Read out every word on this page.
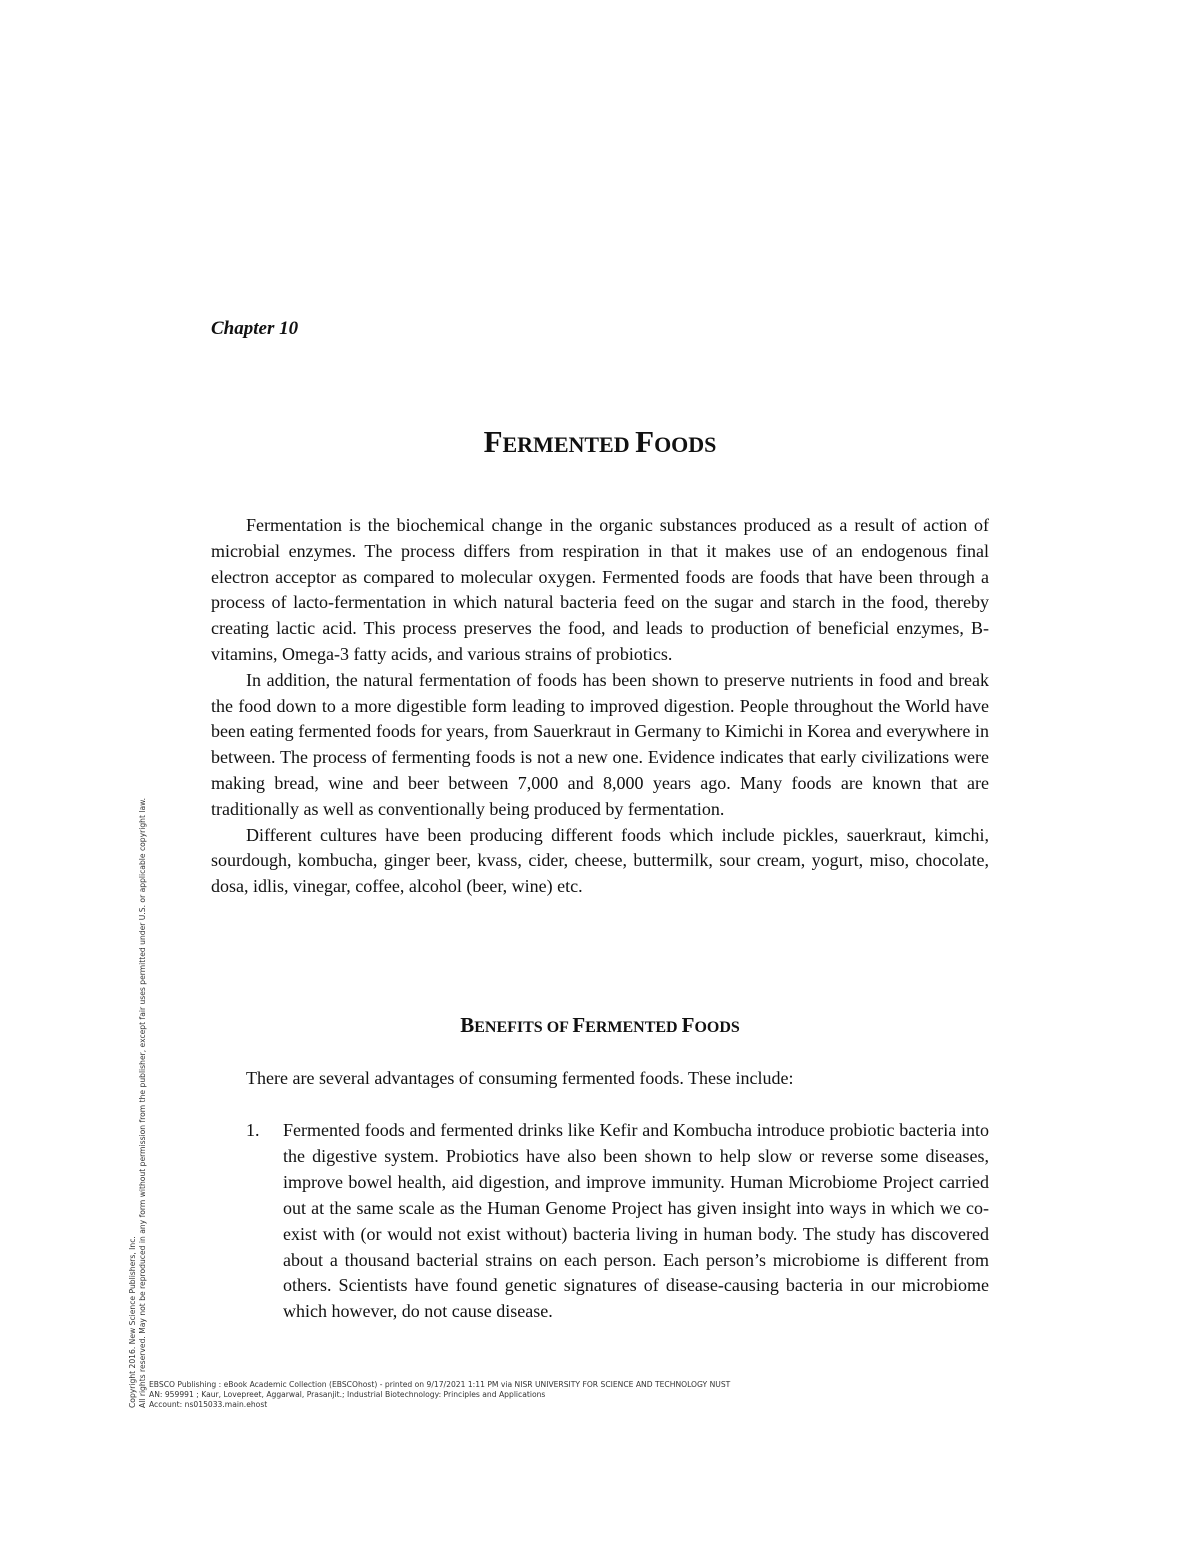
Chapter 10
FERMENTED FOODS

Fermentation is the biochemical change in the organic substances produced as a result of action of microbial enzymes. The process differs from respiration in that it makes use of an endogenous final electron acceptor as compared to molecular oxygen. Fermented foods are foods that have been through a process of lacto-fermentation in which natural bacteria feed on the sugar and starch in the food, thereby creating lactic acid. This process preserves the food, and leads to production of beneficial enzymes, B-vitamins, Omega-3 fatty acids, and various strains of probiotics.

In addition, the natural fermentation of foods has been shown to preserve nutrients in food and break the food down to a more digestible form leading to improved digestion. People throughout the World have been eating fermented foods for years, from Sauerkraut in Germany to Kimichi in Korea and everywhere in between. The process of fermenting foods is not a new one. Evidence indicates that early civilizations were making bread, wine and beer between 7,000 and 8,000 years ago. Many foods are known that are traditionally as well as conventionally being produced by fermentation.

Different cultures have been producing different foods which include pickles, sauerkraut, kimchi, sourdough, kombucha, ginger beer, kvass, cider, cheese, buttermilk, sour cream, yogurt, miso, chocolate, dosa, idlis, vinegar, coffee, alcohol (beer, wine) etc.

BENEFITS OF FERMENTED FOODS
There are several advantages of consuming fermented foods. These include:
1. Fermented foods and fermented drinks like Kefir and Kombucha introduce probiotic bacteria into the digestive system. Probiotics have also been shown to help slow or reverse some diseases, improve bowel health, aid digestion, and improve immunity. Human Microbiome Project carried out at the same scale as the Human Genome Project has given insight into ways in which we co-exist with (or would not exist without) bacteria living in human body. The study has discovered about a thousand bacterial strains on each person. Each person’s microbiome is different from others. Scientists have found genetic signatures of disease-causing bacteria in our microbiome which however, do not cause disease.
Copyright 2016. New Science Publishers, Inc. All rights reserved. May not be reproduced in any form without permission from the publisher, except fair uses permitted under U.S. or applicable copyright law. EBSCO Publishing : eBook Academic Collection (EBSCOhost) - printed on 9/17/2021 1:11 PM via NISR UNIVERSITY FOR SCIENCE AND TECHNOLOGY NUST
AN: 959991 ; Kaur, Lovepreet, Aggarwal, Prasanjit.; Industrial Biotechnology: Principles and Applications
Account: ns015033.main.ehost
